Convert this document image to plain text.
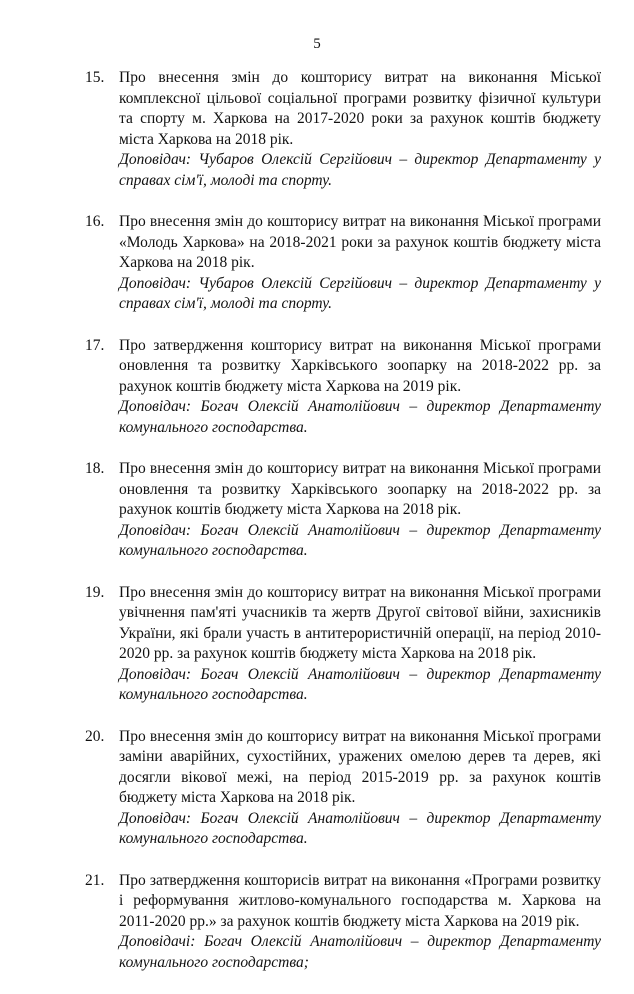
5
15. Про внесення змін до кошторису витрат на виконання Міської комплексної цільової соціальної програми розвитку фізичної культури та спорту м. Харкова на 2017-2020 роки за рахунок коштів бюджету міста Харкова на 2018 рік.

Доповідач: Чубаров Олексій Сергійович – директор Департаменту у справах сім'ї, молоді та спорту.

16. Про внесення змін до кошторису витрат на виконання Міської програми «Молодь Харкова» на 2018-2021 роки за рахунок коштів бюджету міста Харкова на 2018 рік.

Доповідач: Чубаров Олексій Сергійович – директор Департаменту у справах сім'ї, молоді та спорту.

17. Про затвердження кошторису витрат на виконання Міської програми оновлення та розвитку Харківського зоопарку на 2018-2022 рр. за рахунок коштів бюджету міста Харкова на 2019 рік.

Доповідач: Богач Олексій Анатолійович – директор Департаменту комунального господарства.

18. Про внесення змін до кошторису витрат на виконання Міської програми оновлення та розвитку Харківського зоопарку на 2018-2022 рр. за рахунок коштів бюджету міста Харкова на 2018 рік.

Доповідач: Богач Олексій Анатолійович – директор Департаменту комунального господарства.

19. Про внесення змін до кошторису витрат на виконання Міської програми увічнення пам'яті учасників та жертв Другої світової війни, захисників України, які брали участь в антитерористичній операції, на період 2010-2020 рр. за рахунок коштів бюджету міста Харкова на 2018 рік.

Доповідач: Богач Олексій Анатолійович – директор Департаменту комунального господарства.

20. Про внесення змін до кошторису витрат на виконання Міської програми заміни аварійних, сухостійних, уражених омелою дерев та дерев, які досягли вікової межі, на період 2015-2019 рр. за рахунок коштів бюджету міста Харкова на 2018 рік.

Доповідач: Богач Олексій Анатолійович – директор Департаменту комунального господарства.

21. Про затвердження кошторисів витрат на виконання «Програми розвитку і реформування житлово-комунального господарства м. Харкова на 2011-2020 рр.» за рахунок коштів бюджету міста Харкова на 2019 рік.

Доповідачі: Богач Олексій Анатолійович – директор Департаменту комунального господарства;
